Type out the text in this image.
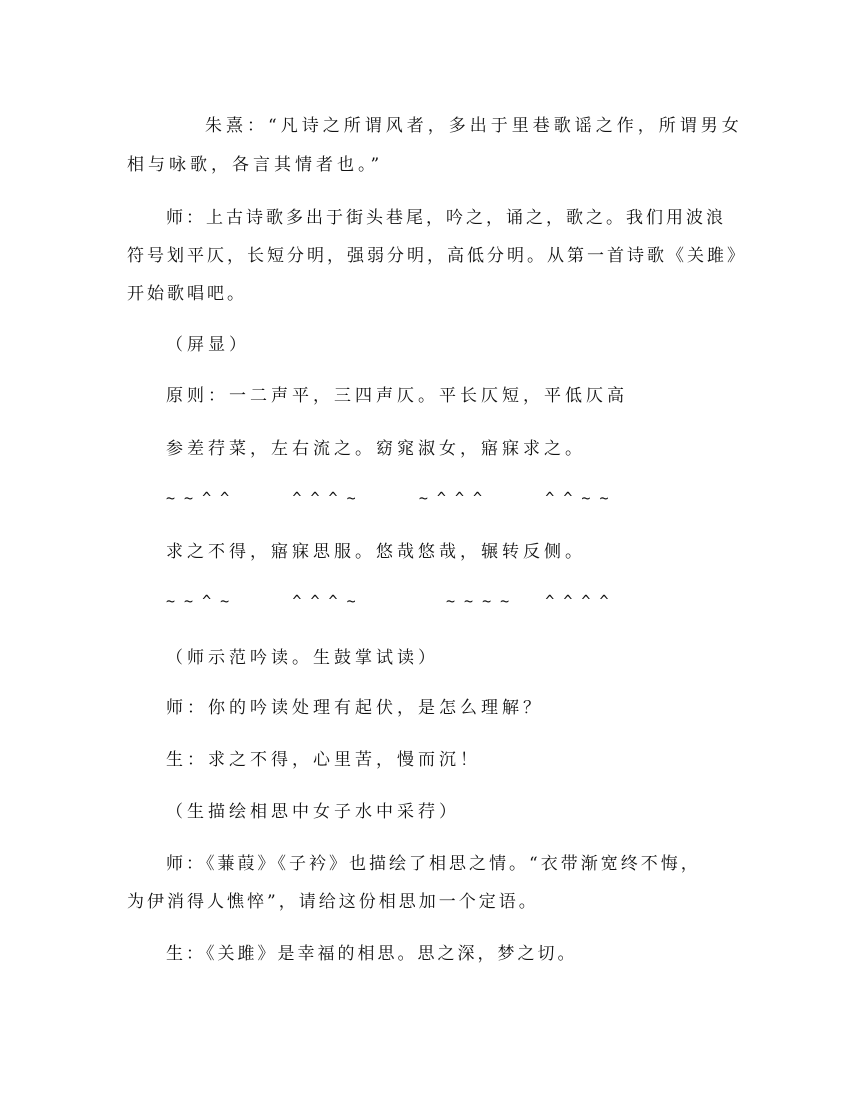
朱熹：“凡诗之所谓风者，多出于里巷歌谣之作，所谓男女
相与咏歌，各言其情者也。”
师：上古诗歌多出于街头巷尾，吟之，诵之，歌之。我们用波浪
符号划平仄，长短分明，强弱分明，高低分明。从第一首诗歌《关雎》
开始歌唱吧。
（屏显）
原则：一二声平，三四声仄。平长仄短，平低仄高
参差荇菜，左右流之。窈窕淑女，寤寐求之。
~ ~ ^ ^       ^ ^ ^ ~       ~ ^ ^ ^       ^ ^ ~ ~
求之不得，寤寐思服。悠哉悠哉，辗转反侧。
~ ~ ^ ~       ^ ^ ^ ~          ~ ~ ~ ~    ^ ^ ^ ^
（师示范吟读。生鼓掌试读）
师：你的吟读处理有起伏，是怎么理解？
生：求之不得，心里苦，慢而沉！
（生描绘相思中女子水中采荇）
师：《蒹葭》《子衿》也描绘了相思之情。“衣带渐宽终不悔，
为伊消得人憔悴”，请给这份相思加一个定语。
生：《关雎》是幸福的相思。思之深，梦之切。
